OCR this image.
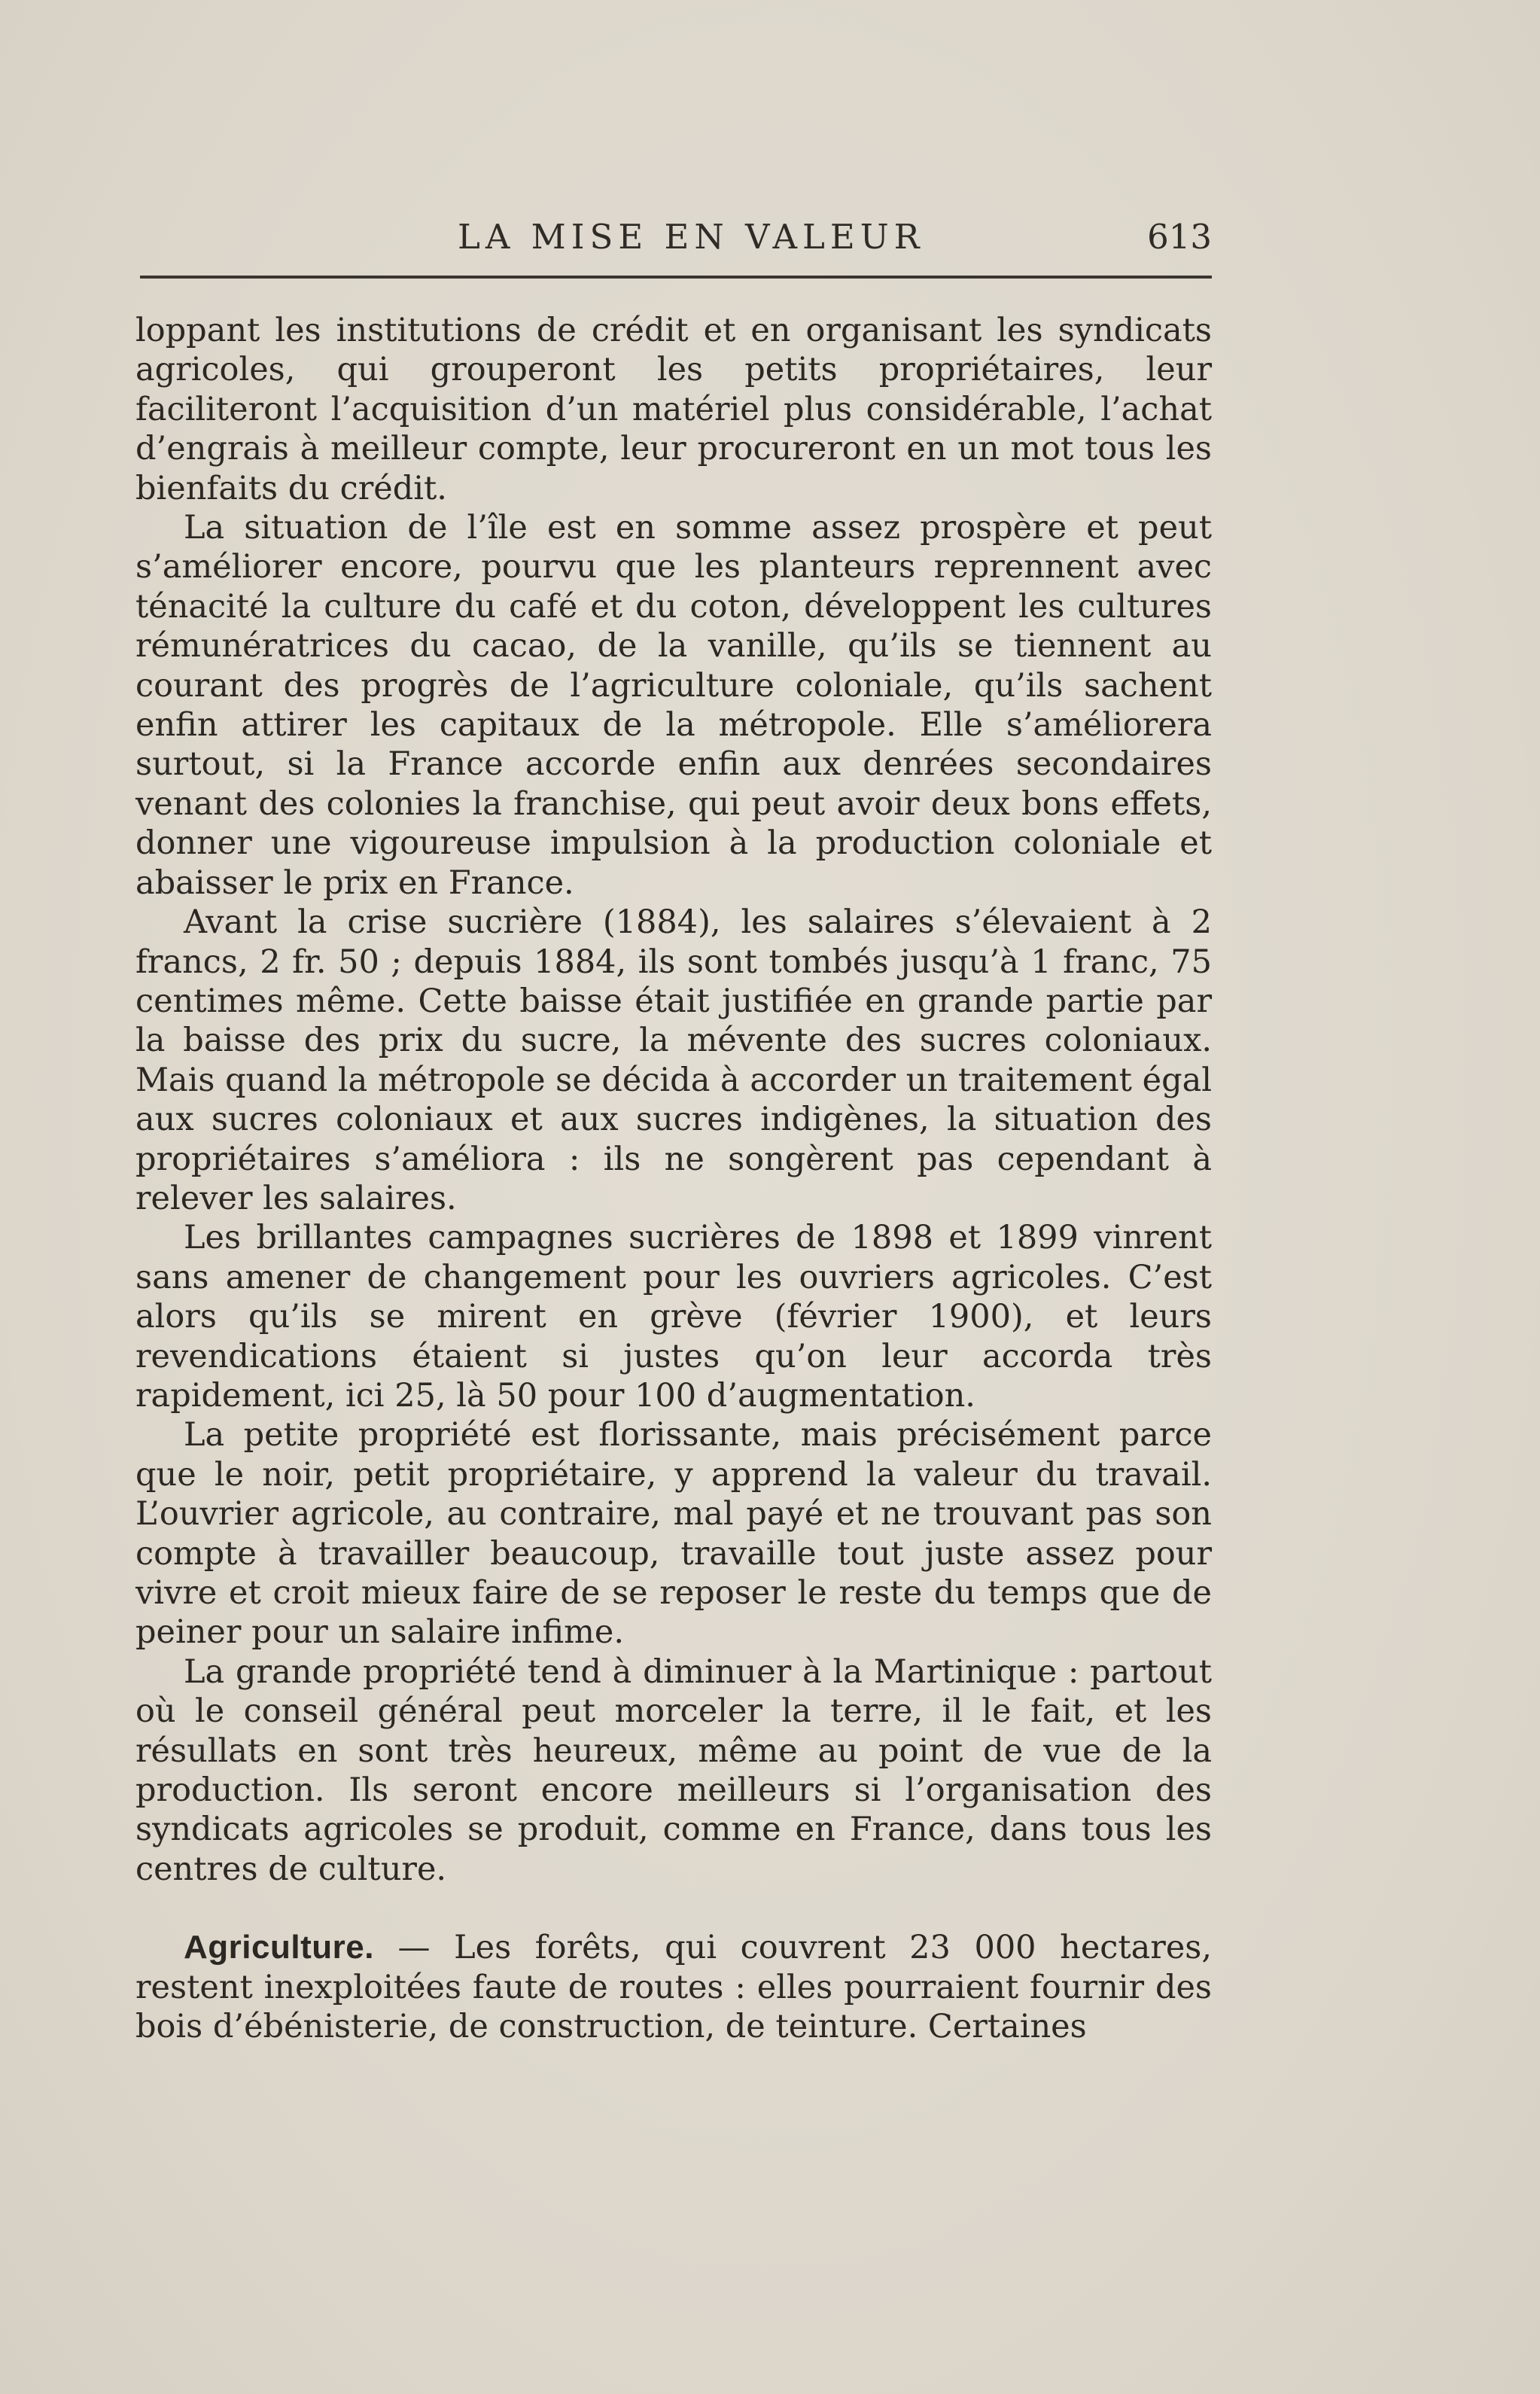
LA MISE EN VALEUR	613

loppant les institutions de crédit et en organisant les syndicats agricoles, qui grouperont les petits propriétaires, leur faciliteront l’acquisition d’un matériel plus considérable, l’achat d’engrais à meilleur compte, leur procureront en un mot tous les bienfaits du crédit.

La situation de l’île est en somme assez prospère et peut s’améliorer encore, pourvu que les planteurs reprennent avec ténacité la culture du café et du coton, développent les cultures rémunératrices du cacao, de la vanille, qu’ils se tiennent au courant des progrès de l’agriculture coloniale, qu’ils sachent enfin attirer les capitaux de la métropole. Elle s’améliorera surtout, si la France accorde enfin aux denrées secondaires venant des colonies la franchise, qui peut avoir deux bons effets, donner une vigoureuse impulsion à la production coloniale et abaisser le prix en France.

Avant la crise sucrière (1884), les salaires s’élevaient à 2 francs, 2 fr. 50 ; depuis 1884, ils sont tombés jusqu’à 1 franc, 75 centimes même. Cette baisse était justifiée en grande partie par la baisse des prix du sucre, la mévente des sucres coloniaux. Mais quand la métropole se décida à accorder un traitement égal aux sucres coloniaux et aux sucres indigènes, la situation des propriétaires s’améliora : ils ne songèrent pas cependant à relever les salaires.

Les brillantes campagnes sucrières de 1898 et 1899 vinrent sans amener de changement pour les ouvriers agricoles. C’est alors qu’ils se mirent en grève (février 1900), et leurs revendications étaient si justes qu’on leur accorda très rapidement, ici 25, là 50 pour 100 d’augmentation.

La petite propriété est florissante, mais précisément parce que le noir, petit propriétaire, y apprend la valeur du travail. L’ouvrier agricole, au contraire, mal payé et ne trouvant pas son compte à travailler beaucoup, travaille tout juste assez pour vivre et croit mieux faire de se reposer le reste du temps que de peiner pour un salaire infime.

La grande propriété tend à diminuer à la Martinique : partout où le conseil général peut morceler la terre, il le fait, et les résullats en sont très heureux, même au point de vue de la production. Ils seront encore meilleurs si l’organisation des syndicats agricoles se produit, comme en France, dans tous les centres de culture.

Agriculture. — Les forêts, qui couvrent 23 000 hectares, restent inexploitées faute de routes : elles pourraient fournir des bois d’ébénisterie, de construction, de teinture. Certaines
